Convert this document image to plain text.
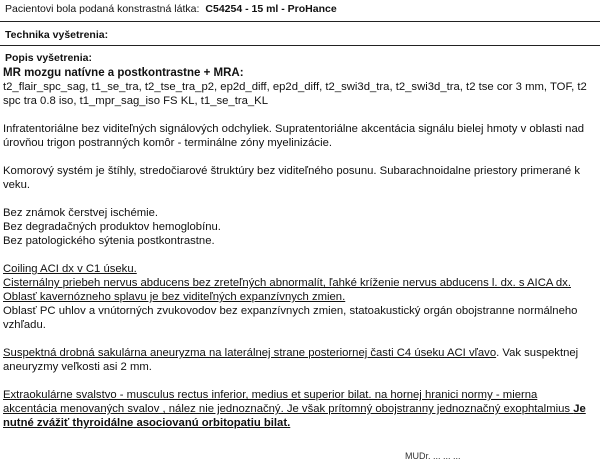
Pacientovi bola podaná konstrastná látka: C54254 - 15 ml - ProHance
Technika vyšetrenia:
Popis vyšetrenia:

MR mozgu natívne a postkontrastne + MRA:

t2_flair_spc_sag, t1_se_tra, t2_tse_tra_p2, ep2d_diff, ep2d_diff, t2_swi3d_tra, t2_swi3d_tra, t2 tse cor 3 mm, TOF, t2 spc tra 0.8 iso, t1_mpr_sag_iso FS KL, t1_se_tra_KL

Infratentoriálne bez viditeľných signálových odchyliek. Supratentoriálne akcentácia signálu bielej hmoty v oblasti nad úrovňou trigon postranných komôr - terminálne zóny myelinizácie.

Komorový systém je štíhly, stredočiarové štruktúry bez viditeľného posunu. Subarachnoidalne priestory primerané k veku.

Bez známok čerstvej ischémie.

Bez degradačných produktov hemoglobínu.

Bez patologického sýtenia postkontrastne.

Coiling ACI dx v C1 úseku.

Cisternálny priebeh nervus abducens bez zreteľných abnormalít, ľahké kríženie nervus abducens l. dx. s AICA dx. Oblasť kavernózneho splavu je bez viditeľných expanzívnych zmien.

Oblasť PC uhlov a vnútorných zvukovodov bez expanzívnych zmien, statoakustický orgán obojstranne normálneho vzhľadu.

Suspektná drobná sakulárna aneuryzma na laterálnej strane posteriornej časti C4 úseku ACI vľavo. Vak suspektnej aneuryzmy veľkosti asi 2 mm.

Extraokulárne svalstvo - musculus rectus inferior, medius et superior bilat. na hornej hranici normy - mierna akcentácia menovaných svalov , nález nie jednoznačný. Je však prítomný obojstranny jednoznačný exophtalmius Je nutné zvážiť thyroidálne asociovanú orbitopatiu bilat.

MUDr. ... ... ...
